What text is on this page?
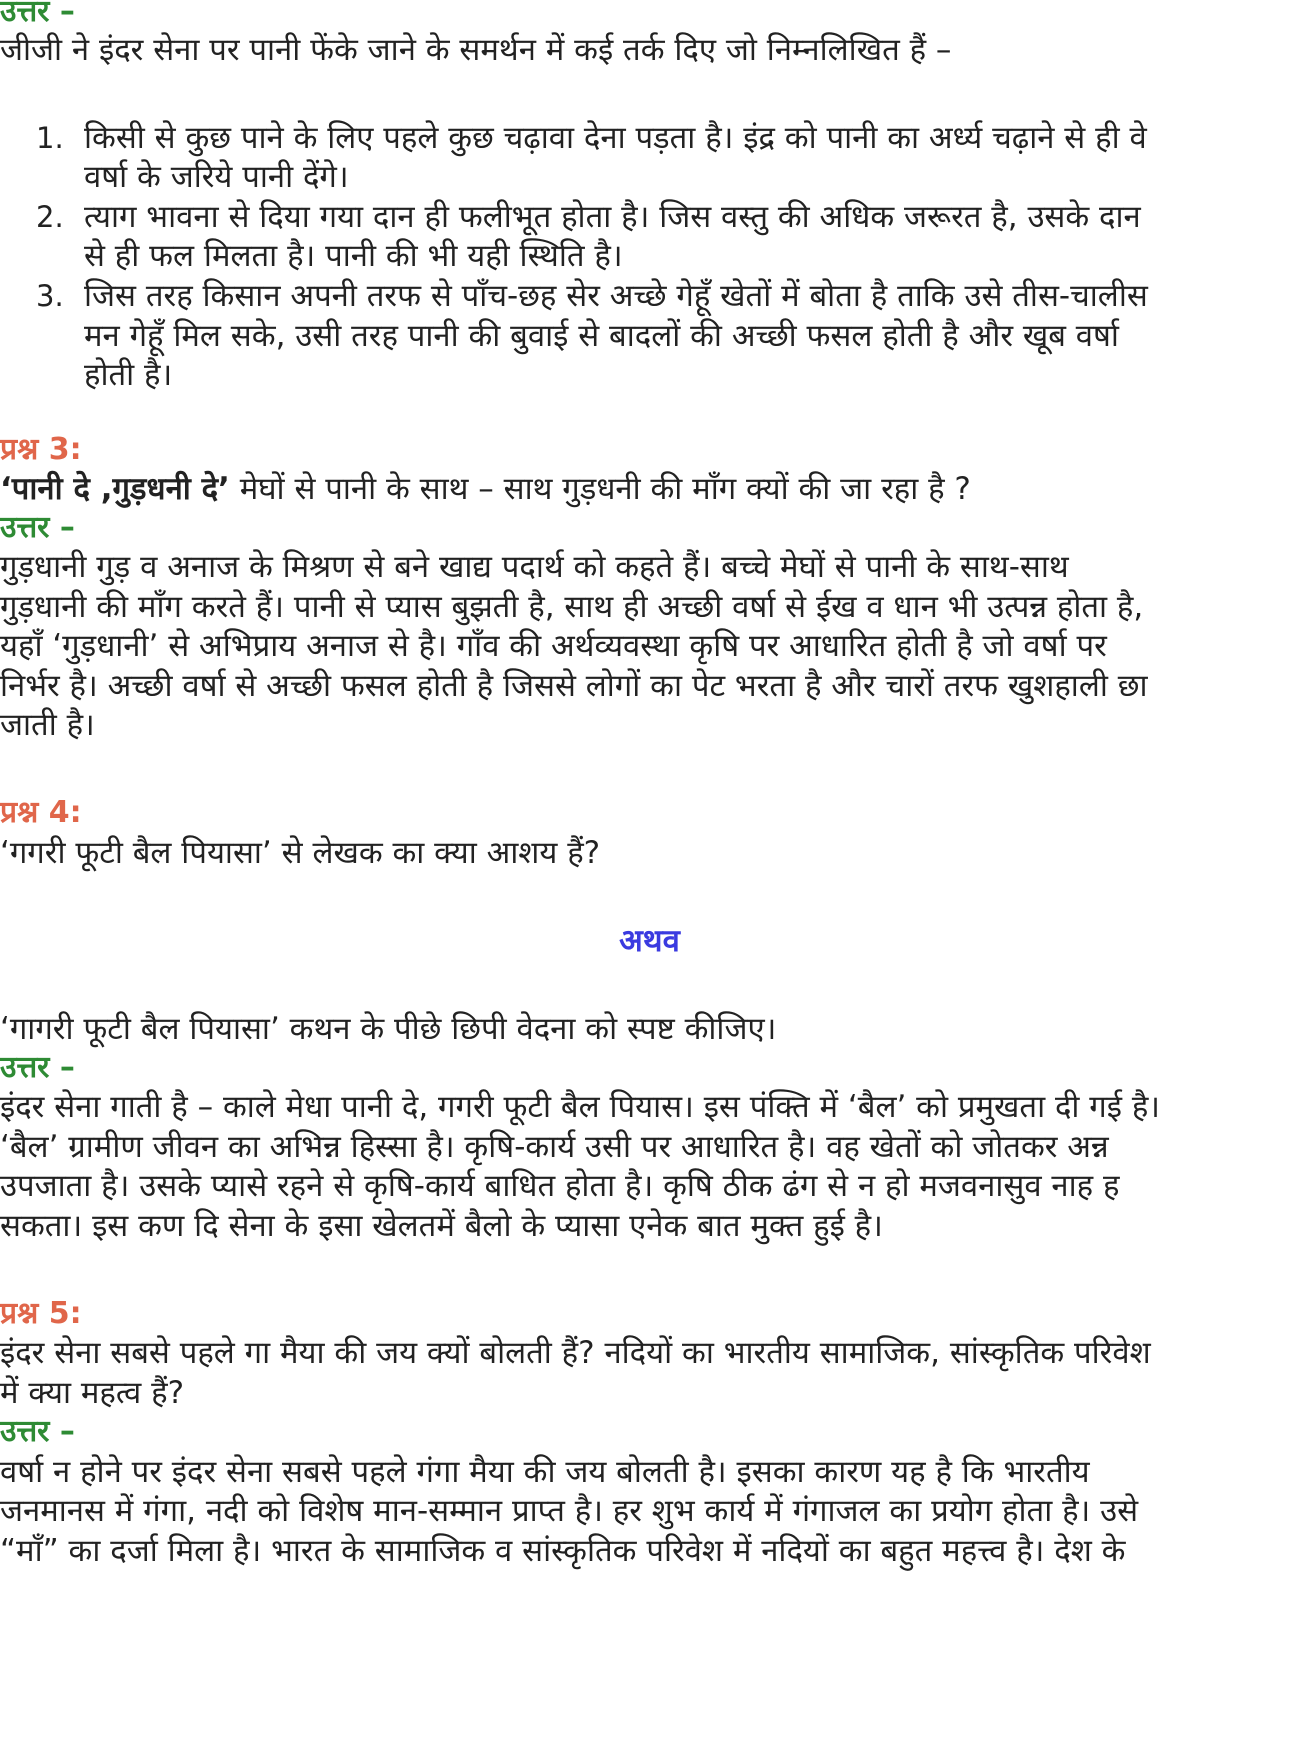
उत्तर –
जीजी ने इंदर सेना पर पानी फेंके जाने के समर्थन में कई तर्क दिए जो निम्नलिखित हैं –
1. किसी से कुछ पाने के लिए पहले कुछ चढ़ावा देना पड़ता है। इंद्र को पानी का अर्ध्य चढ़ाने से ही वे
वर्षा के जरिये पानी देंगे।
2. त्याग भावना से दिया गया दान ही फलीभूत होता है। जिस वस्तु की अधिक जरूरत है, उसके दान
से ही फल मिलता है। पानी की भी यही स्थिति है।
3. जिस तरह किसान अपनी तरफ से पाँच-छह सेर अच्छे गेहूँ खेतों में बोता है ताकि उसे तीस-चालीस
मन गेहूँ मिल सके, उसी तरह पानी की बुवाई से बादलों की अच्छी फसल होती है और खूब वर्षा
होती है।
प्रश्न 3:
‘पानी दे ,गुड़धनी दे’ मेघों से पानी के साथ – साथ गुड़धनी की माँग क्यों की जा रहा है ?
उत्तर –
गुड़धानी गुड़ व अनाज के मिश्रण से बने खाद्य पदार्थ को कहते हैं। बच्चे मेघों से पानी के साथ-साथ
गुड़धानी की माँग करते हैं। पानी से प्यास बुझती है, साथ ही अच्छी वर्षा से ईख व धान भी उत्पन्न होता है,
यहाँ ‘गुड़धानी’ से अभिप्राय अनाज से है। गाँव की अर्थव्यवस्था कृषि पर आधारित होती है जो वर्षा पर
निर्भर है। अच्छी वर्षा से अच्छी फसल होती है जिससे लोगों का पेट भरता है और चारों तरफ खुशहाली छा
जाती है।
प्रश्न 4:
‘गगरी फूटी बैल पियासा’ से लेखक का क्या आशय हैं?
अथव
‘गागरी फूटी बैल पियासा’ कथन के पीछे छिपी वेदना को स्पष्ट कीजिए।
उत्तर –
इंदर सेना गाती है – काले मेधा पानी दे, गगरी फूटी बैल पियास। इस पंक्ति में ‘बैल’ को प्रमुखता दी गई है।
‘बैल’ ग्रामीण जीवन का अभिन्न हिस्सा है। कृषि-कार्य उसी पर आधारित है। वह खेतों को जोतकर अन्न
उपजाता है। उसके प्यासे रहने से कृषि-कार्य बाधित होता है। कृषि ठीक ढंग से न हो मजवनासुव नाह ह
सकता। इस कण दि सेना के इसा खेलतमें बैलो के प्यासा एनेक बात मुक्त हुई है।
प्रश्न 5:
इंदर सेना सबसे पहले गा मैया की जय क्यों बोलती हैं? नदियों का भारतीय सामाजिक, सांस्कृतिक परिवेश
में क्या महत्व हैं?
उत्तर –
वर्षा न होने पर इंदर सेना सबसे पहले गंगा मैया की जय बोलती है। इसका कारण यह है कि भारतीय
जनमानस में गंगा, नदी को विशेष मान-सम्मान प्राप्त है। हर शुभ कार्य में गंगाजल का प्रयोग होता है। उसे
“माँ” का दर्जा मिला है। भारत के सामाजिक व सांस्कृतिक परिवेश में नदियों का बहुत महत्त्व है। देश के
